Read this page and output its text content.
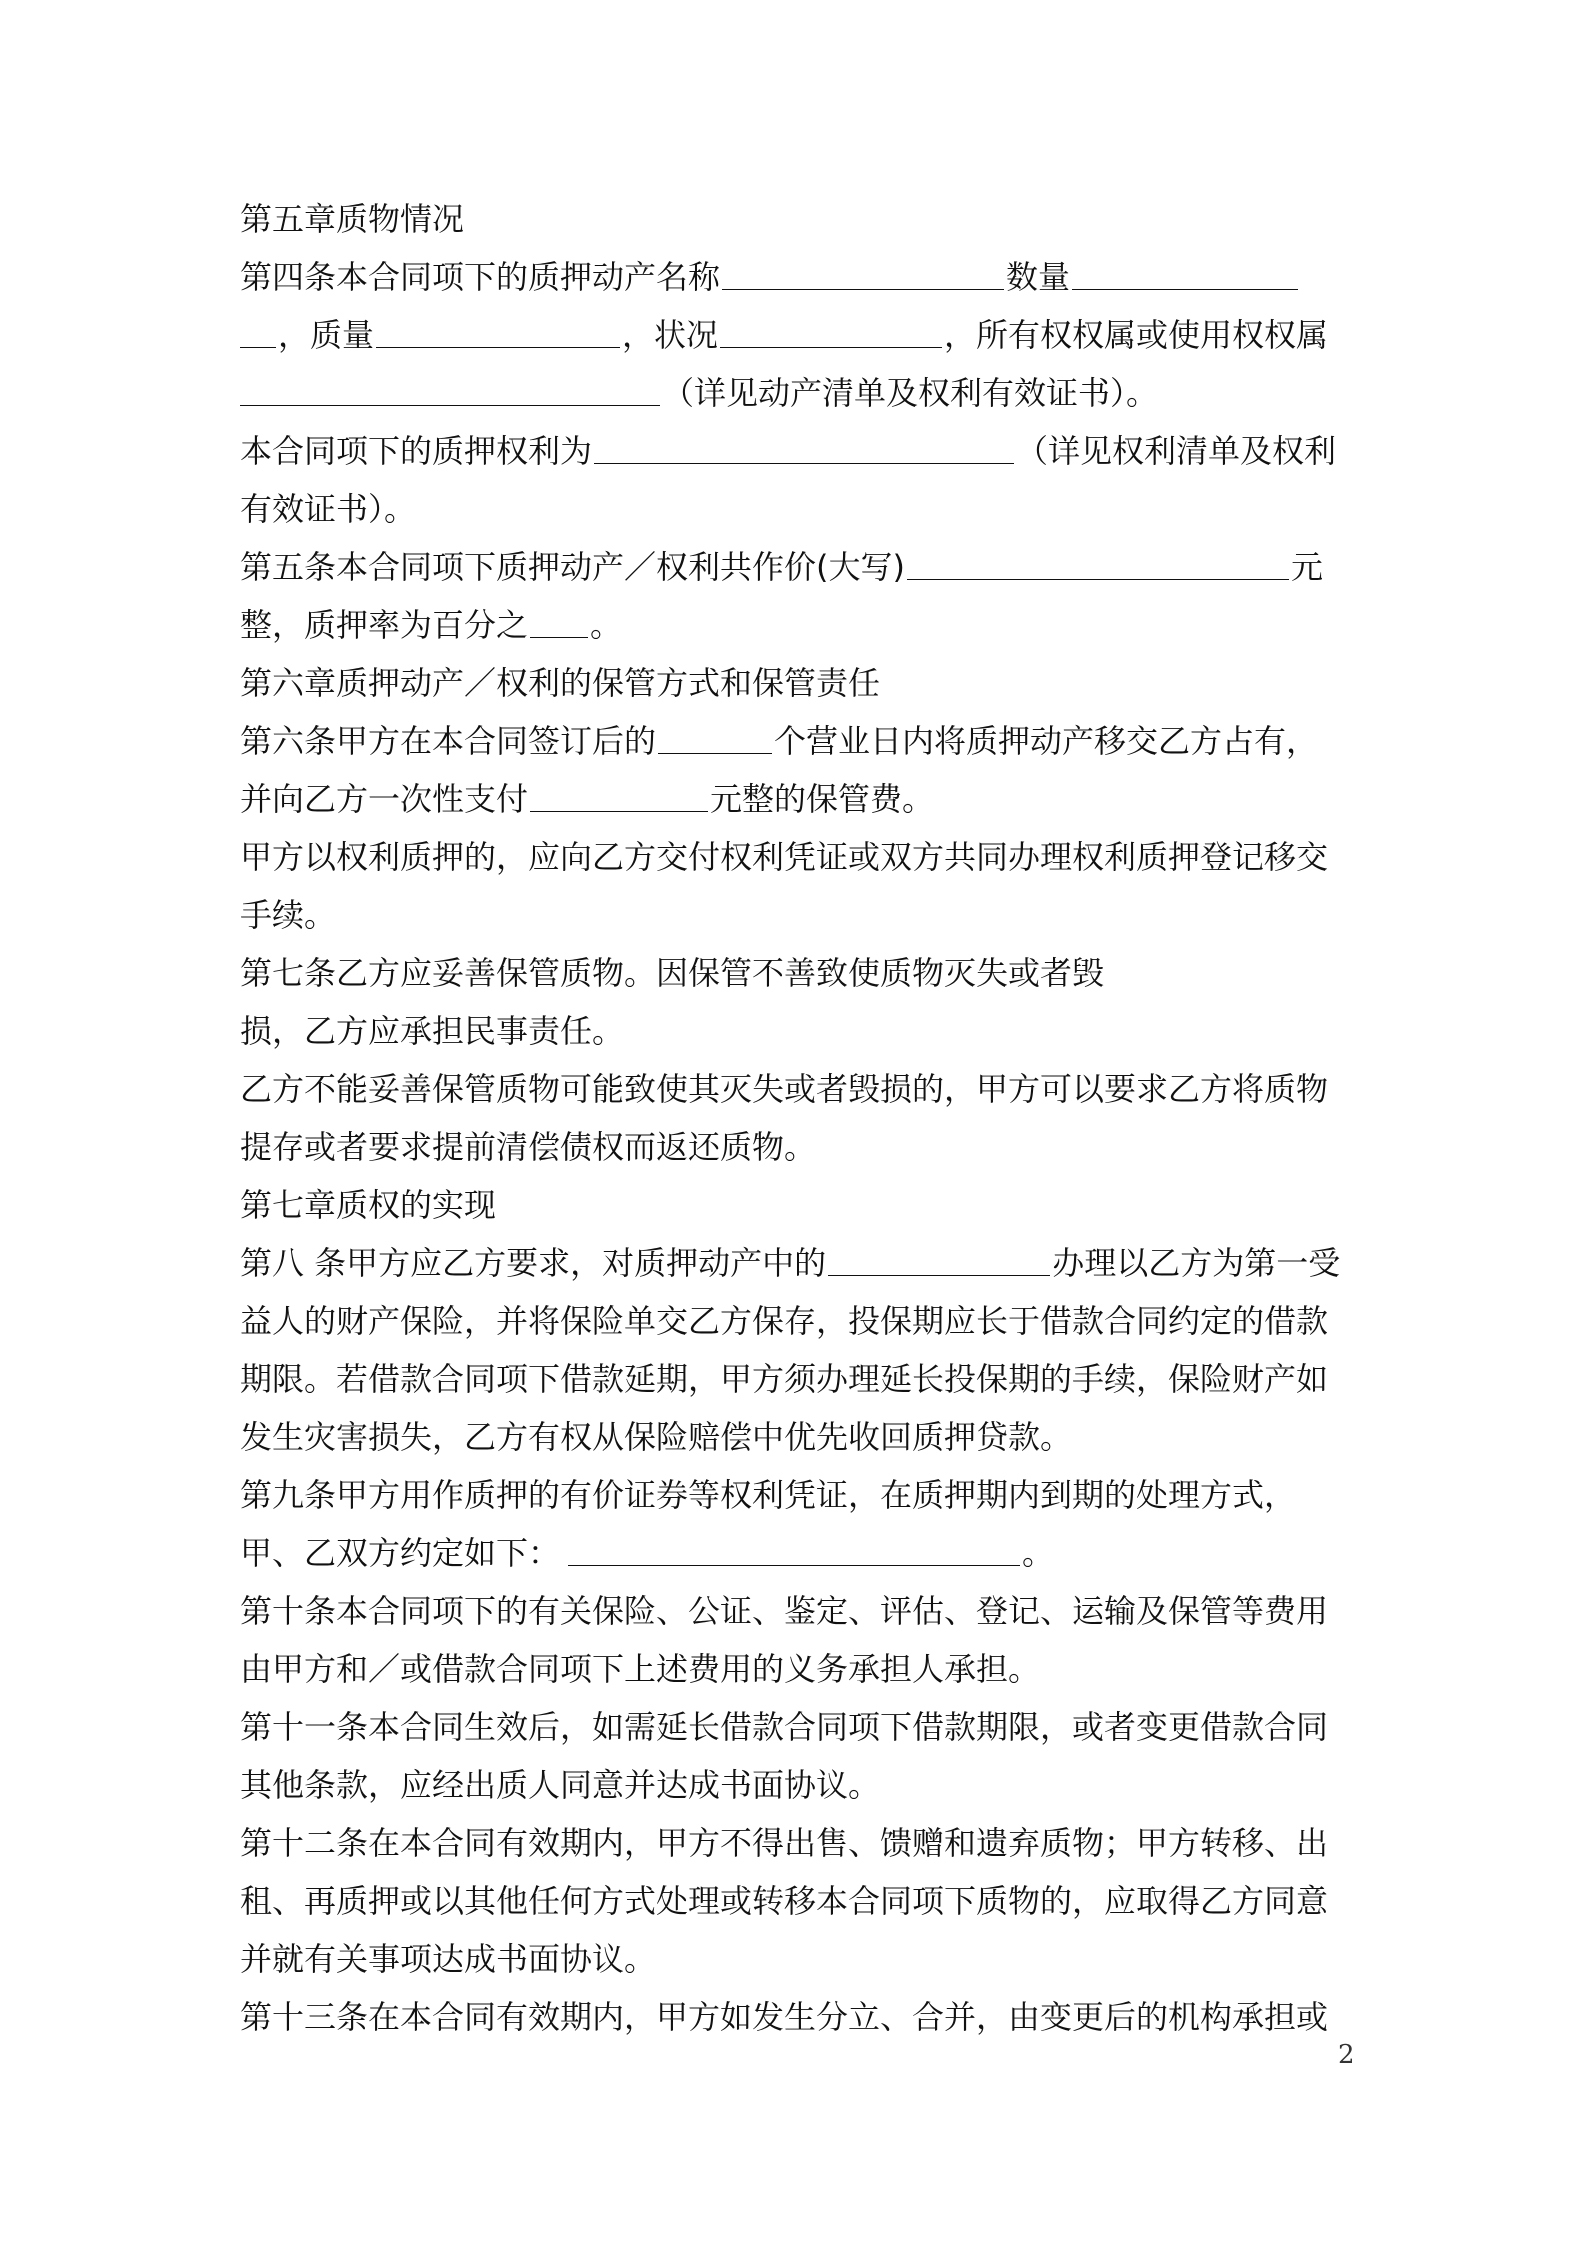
第五章质物情况
第四条本合同项下的质押动产名称	数量
，质量	，状况	，所有权权属或使用权权属
（详见动产清单及权利有效证书）。
本合同项下的质押权利为	（详见权利清单及权利
有效证书）。
第五条本合同项下质押动产／权利共作价(大写)	元
整，质押率为百分之 。
第六章质押动产／权利的保管方式和保管责任
第六条甲方在本合同签订后的	个营业日内将质押动产移交乙方占有，
并向乙方一次性支付	元整的保管费。
甲方以权利质押的，应向乙方交付权利凭证或双方共同办理权利质押登记移交
手续。
第七条乙方应妥善保管质物。因保管不善致使质物灭失或者毁
损，乙方应承担民事责任。
乙方不能妥善保管质物可能致使其灭失或者毁损的，甲方可以要求乙方将质物
提存或者要求提前清偿债权而返还质物。
第七章质权的实现
第八 条甲方应乙方要求，对质押动产中的	办理以乙方为第一受
益人的财产保险，并将保险单交乙方保存，投保期应长于借款合同约定的借款
期限。若借款合同项下借款延期，甲方须办理延长投保期的手续，保险财产如
发生灾害损失，乙方有权从保险赔偿中优先收回质押贷款。
第九条甲方用作质押的有价证券等权利凭证，在质押期内到期的处理方式，
甲、乙双方约定如下：	。
第十条本合同项下的有关保险、公证、鉴定、评估、登记、运输及保管等费用
由甲方和／或借款合同项下上述费用的义务承担人承担。
第十一条本合同生效后，如需延长借款合同项下借款期限，或者变更借款合同
其他条款，应经出质人同意并达成书面协议。
第十二条在本合同有效期内，甲方不得出售、馈赠和遗弃质物；甲方转移、出
租、再质押或以其他任何方式处理或转移本合同项下质物的，应取得乙方同意
并就有关事项达成书面协议。
第十三条在本合同有效期内，甲方如发生分立、合并，由变更后的机构承担或
2
